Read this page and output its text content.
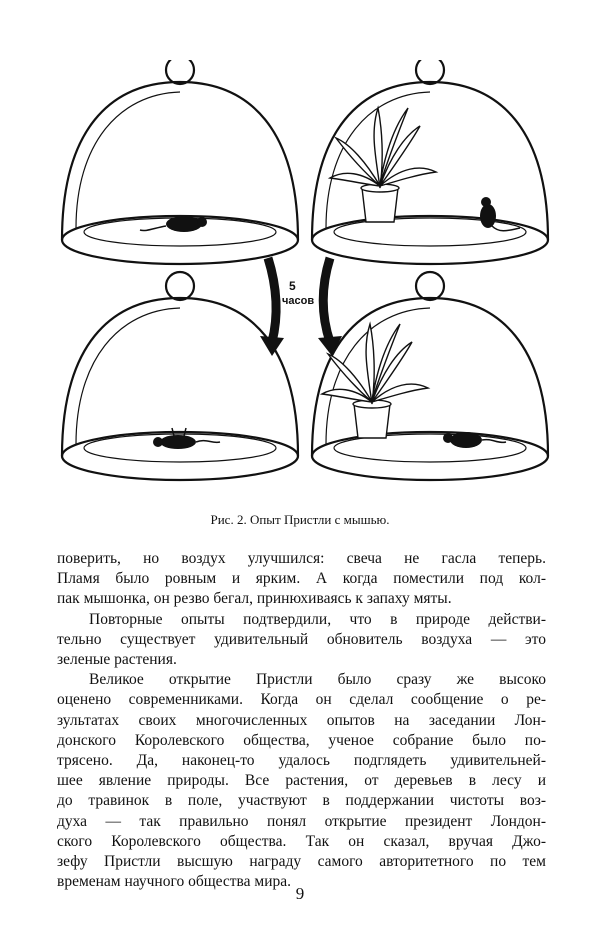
5
часов
Рис. 2. Опыт Пристли с мышью.
поверить, но воздух улучшился: свеча не гасла теперь.
Пламя было ровным и ярким. А когда поместили под кол-
пак мышонка, он резво бегал, принюхиваясь к запаху мяты.
Повторные опыты подтвердили, что в природе действи-
тельно существует удивительный обновитель воздуха — это
зеленые растения.
Великое открытие Пристли было сразу же высоко
оценено современниками. Когда он сделал сообщение о ре-
зультатах своих многочисленных опытов на заседании Лон-
донского Королевского общества, ученое собрание было по-
трясено. Да, наконец-то удалось подглядеть удивительней-
шее явление природы. Все растения, от деревьев в лесу и
до травинок в поле, участвуют в поддержании чистоты воз-
духа — так правильно понял открытие президент Лондон-
ского Королевского общества. Так он сказал, вручая Джо-
зефу Пристли высшую награду самого авторитетного по тем
временам научного общества мира.
9
